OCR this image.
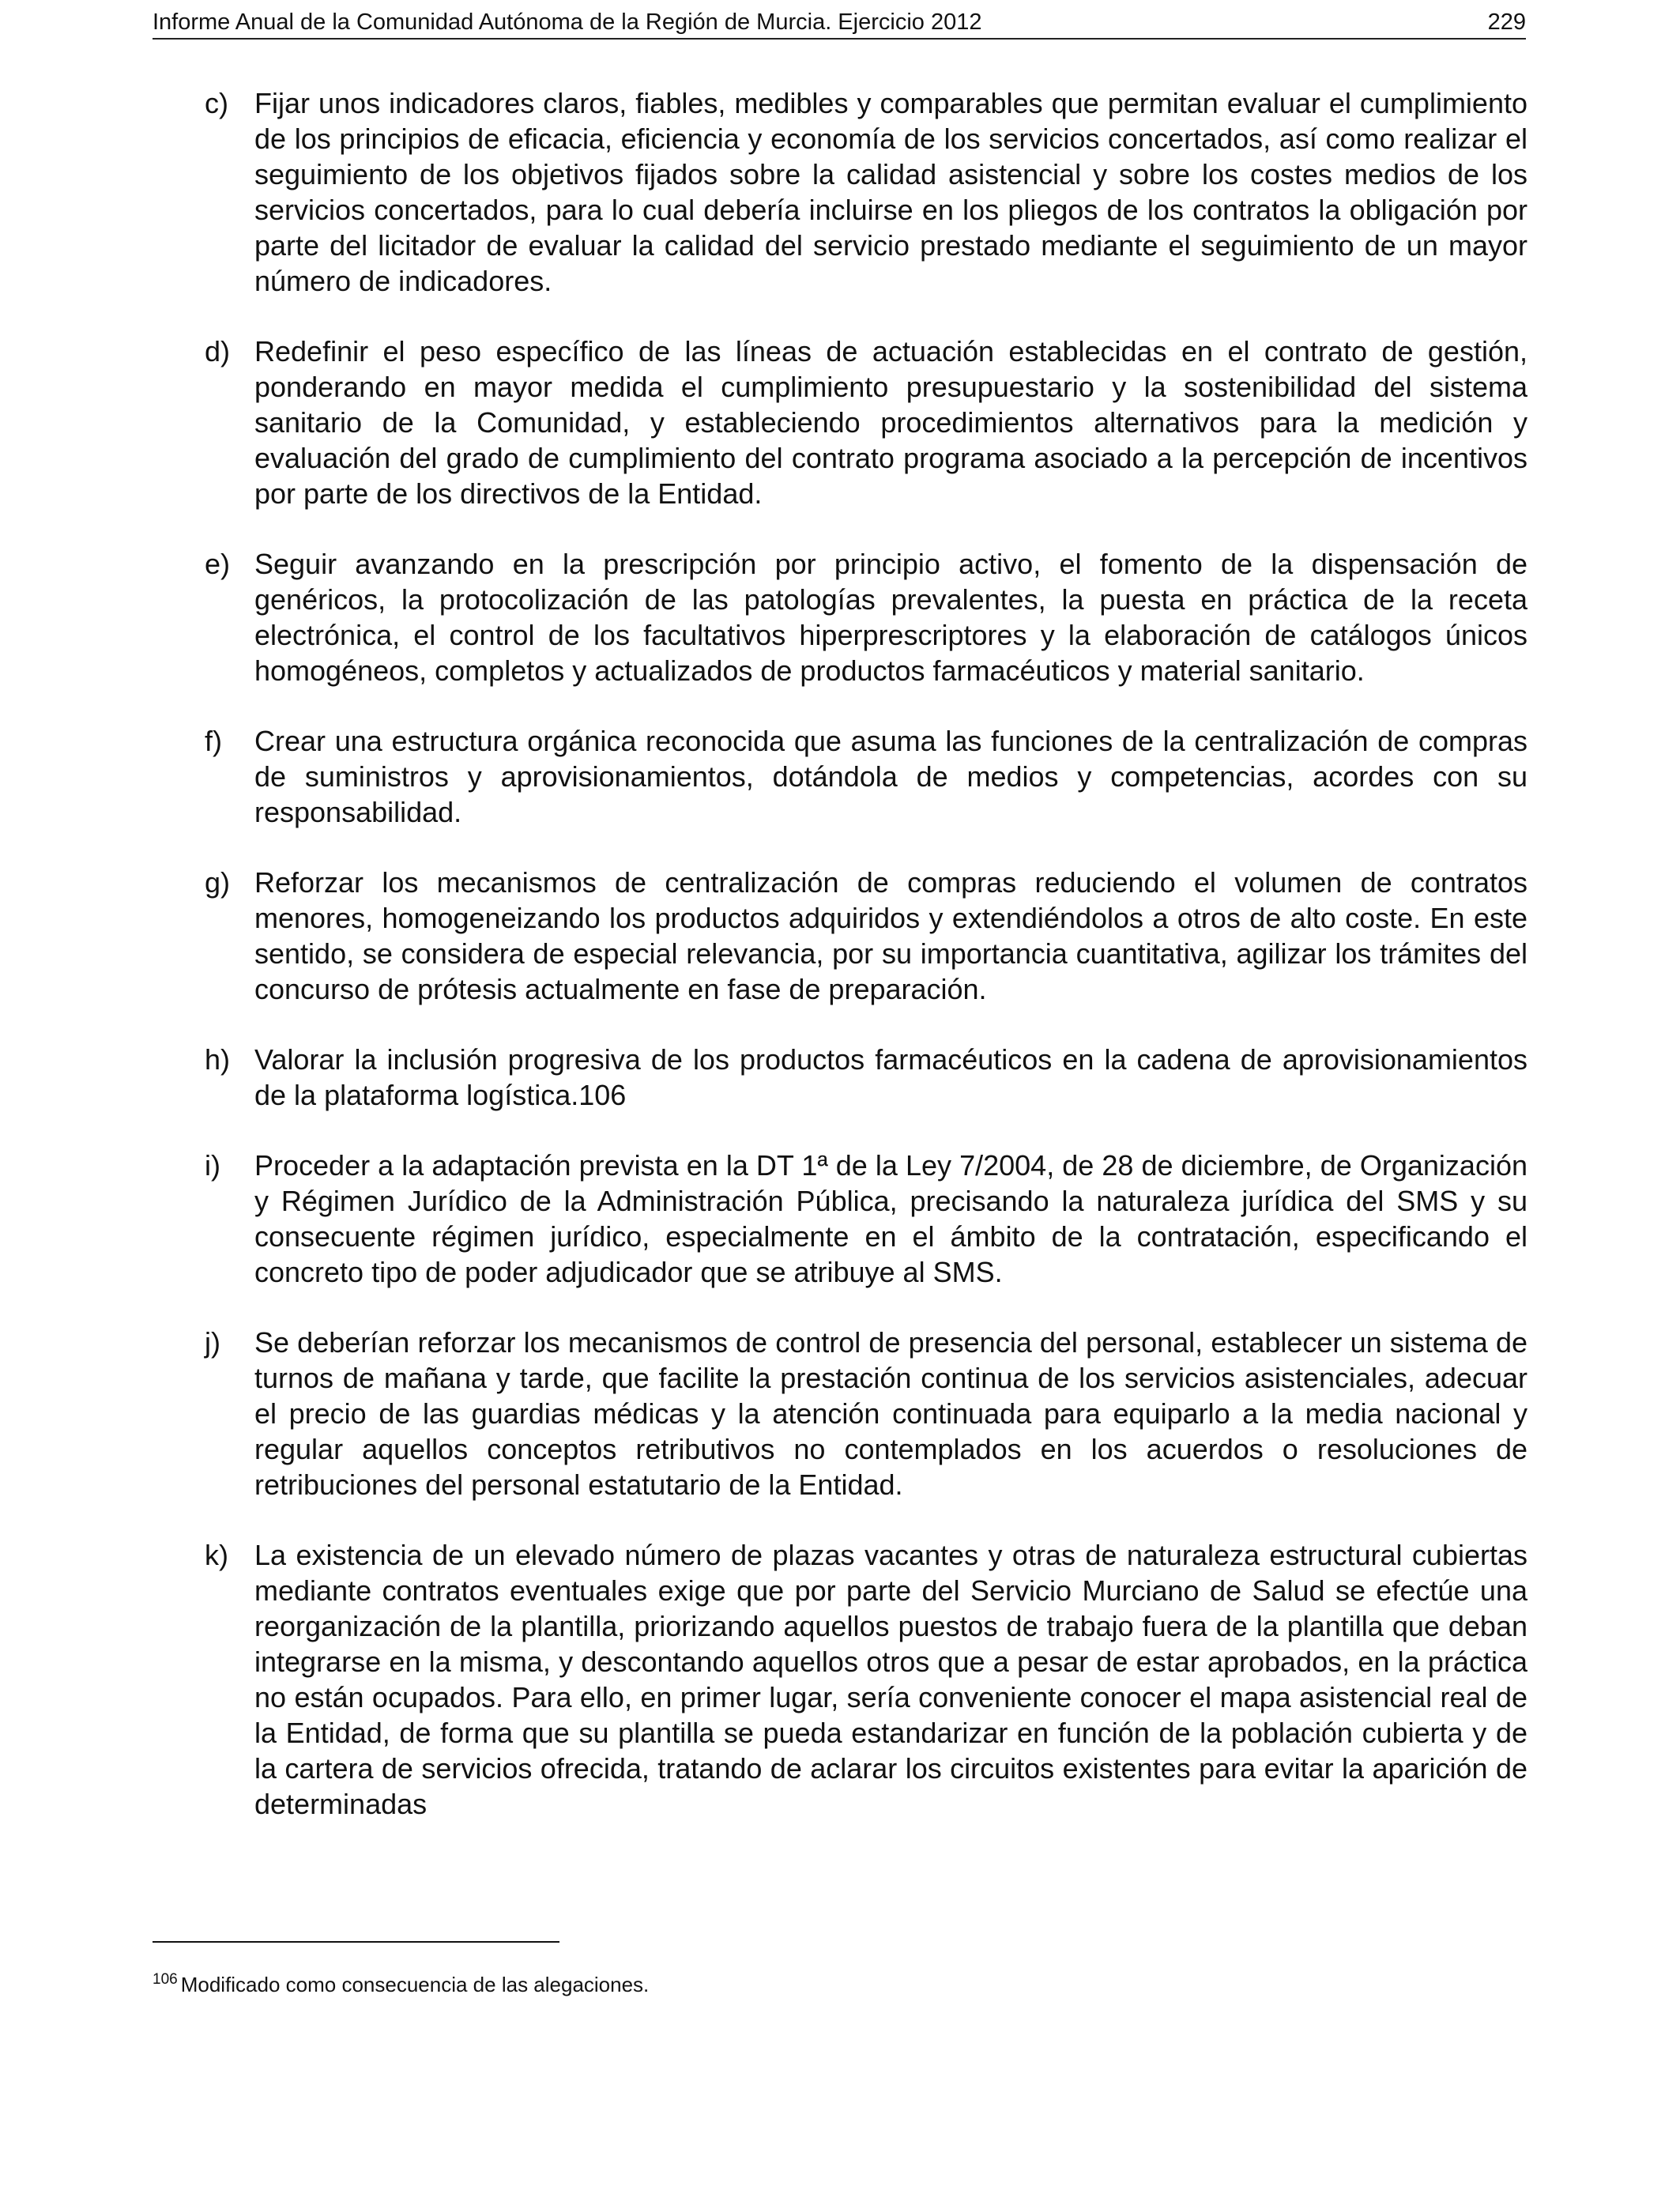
Informe Anual de la Comunidad Autónoma de la Región de Murcia. Ejercicio 2012	229
c) Fijar unos indicadores claros, fiables, medibles y comparables que permitan evaluar el cumplimiento de los principios de eficacia, eficiencia y economía de los servicios concertados, así como realizar el seguimiento de los objetivos fijados sobre la calidad asistencial y sobre los costes medios de los servicios concertados, para lo cual debería incluirse en los pliegos de los contratos la obligación por parte del licitador de evaluar la calidad del servicio prestado mediante el seguimiento de un mayor número de indicadores.
d) Redefinir el peso específico de las líneas de actuación establecidas en el contrato de gestión, ponderando en mayor medida el cumplimiento presupuestario y la sostenibilidad del sistema sanitario de la Comunidad, y estableciendo procedimientos alternativos para la medición y evaluación del grado de cumplimiento del contrato programa asociado a la percepción de incentivos por parte de los directivos de la Entidad.
e) Seguir avanzando en la prescripción por principio activo, el fomento de la dispensación de genéricos, la protocolización de las patologías prevalentes, la puesta en práctica de la receta electrónica, el control de los facultativos hiperprescriptores y la elaboración de catálogos únicos homogéneos, completos y actualizados de productos farmacéuticos y material sanitario.
f)	Crear una estructura orgánica reconocida que asuma las funciones de la centralización de compras de suministros y aprovisionamientos, dotándola de medios y competencias, acordes con su responsabilidad.
g) Reforzar los mecanismos de centralización de compras reduciendo el volumen de contratos menores, homogeneizando los productos adquiridos y extendiéndolos a otros de alto coste. En este sentido, se considera de especial relevancia, por su importancia cuantitativa, agilizar los trámites del concurso de prótesis actualmente en fase de preparación.
h) Valorar la inclusión progresiva de los productos farmacéuticos en la cadena de aprovisionamientos de la plataforma logística.106
i)	Proceder a la adaptación prevista en la DT 1ª de la Ley 7/2004, de 28 de diciembre, de Organización y Régimen Jurídico de la Administración Pública, precisando la naturaleza jurídica del SMS y su consecuente régimen jurídico, especialmente en el ámbito de la contratación, especificando el concreto tipo de poder adjudicador que se atribuye al SMS.
j)	Se deberían reforzar los mecanismos de control de presencia del personal, establecer un sistema de turnos de mañana y tarde, que facilite la prestación continua de los servicios asistenciales, adecuar el precio de las guardias médicas y la atención continuada para equiparlo a la media nacional y regular aquellos conceptos retributivos no contemplados en los acuerdos o resoluciones de retribuciones del personal estatutario de la Entidad.
k) La existencia de un elevado número de plazas vacantes y otras de naturaleza estructural cubiertas mediante contratos eventuales exige que por parte del Servicio Murciano de Salud se efectúe una reorganización de la plantilla, priorizando aquellos puestos de trabajo fuera de la plantilla que deban integrarse en la misma, y descontando aquellos otros que a pesar de estar aprobados, en la práctica no están ocupados. Para ello, en primer lugar, sería conveniente conocer el mapa asistencial real de la Entidad, de forma que su plantilla se pueda estandarizar en función de la población cubierta y de la cartera de servicios ofrecida, tratando de aclarar los circuitos existentes para evitar la aparición de determinadas
$^{106}$ Modificado como consecuencia de las alegaciones.
